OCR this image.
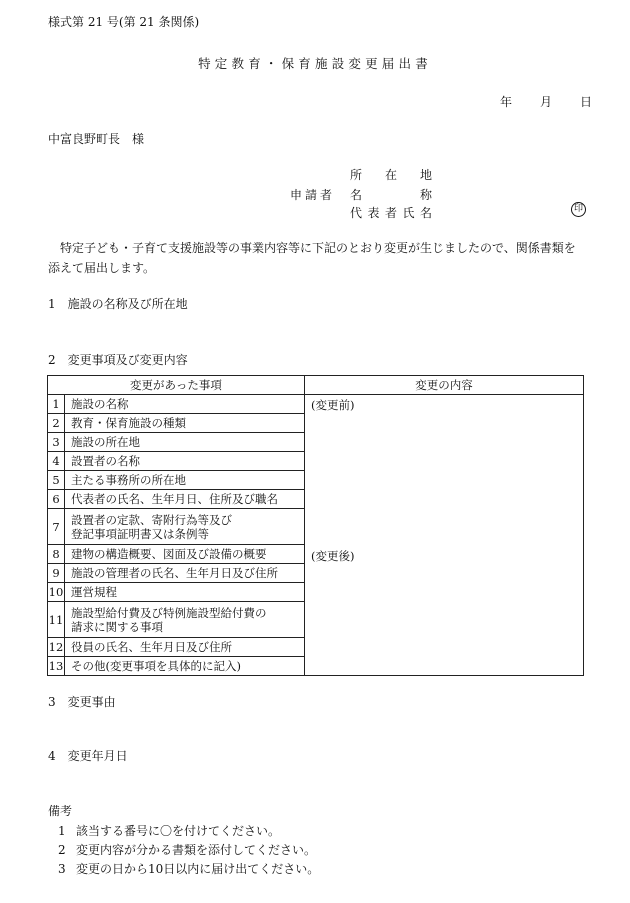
様式第 21 号(第 21 条関係)
特定教育・保育施設変更届出書
年 月 日
中富良野町長　様
申請者
所 在 地
名	称
代 表 者 氏 名	印
特定子ども・子育て支援施設等の事業内容等に下記のとおり変更が生じましたので、関係書類を添えて届出します。
1　施設の名称及び所在地
2　変更事項及び変更内容
変更があった事項		変更の内容
1	施設の名称	(変更前)
(変更後)

2	教育・保育施設の種類	
3	施設の所在地	
4	設置者の名称	
5	主たる事務所の所在地	
6	代表者の氏名、生年月日、住所及び職名	
7	設置者の定款、寄附行為等及び
登記事項証明書又は条例等	
8	建物の構造概要、図面及び設備の概要	
9	施設の管理者の氏名、生年月日及び住所	
10	運営規程	
11	施設型給付費及び特例施設型給付費の
請求に関する事項	
12	役員の氏名、生年月日及び住所	
13	その他(変更事項を具体的に記入)	
3　変更事由
4　変更年月日
備考
1 該当する番号に〇を付けてください。
2 変更内容が分かる書類を添付してください。
3 変更の日から10日以内に届け出てください。
